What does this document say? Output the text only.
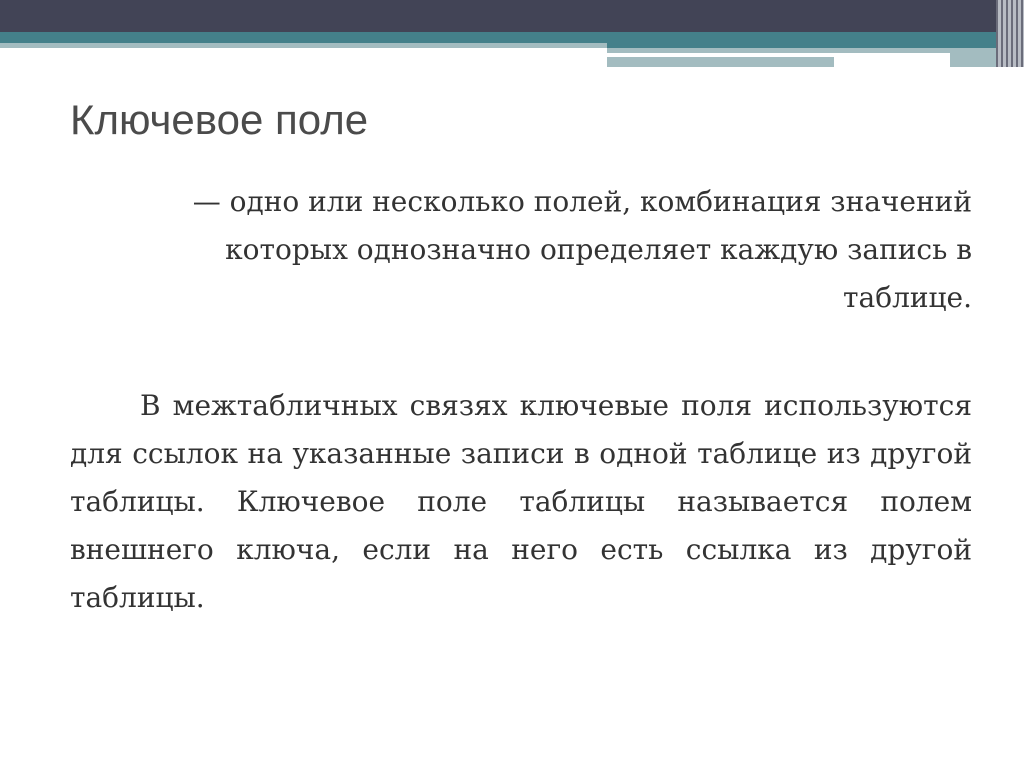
Ключевое поле
— одно или несколько полей, комбинация значений которых однозначно определяет каждую запись в таблице.
В межтабличных связях ключевые поля используются для ссылок на указанные записи в одной таблице из другой таблицы. Ключевое поле таблицы называется полем внешнего ключа, если на него есть ссылка из другой таблицы.
